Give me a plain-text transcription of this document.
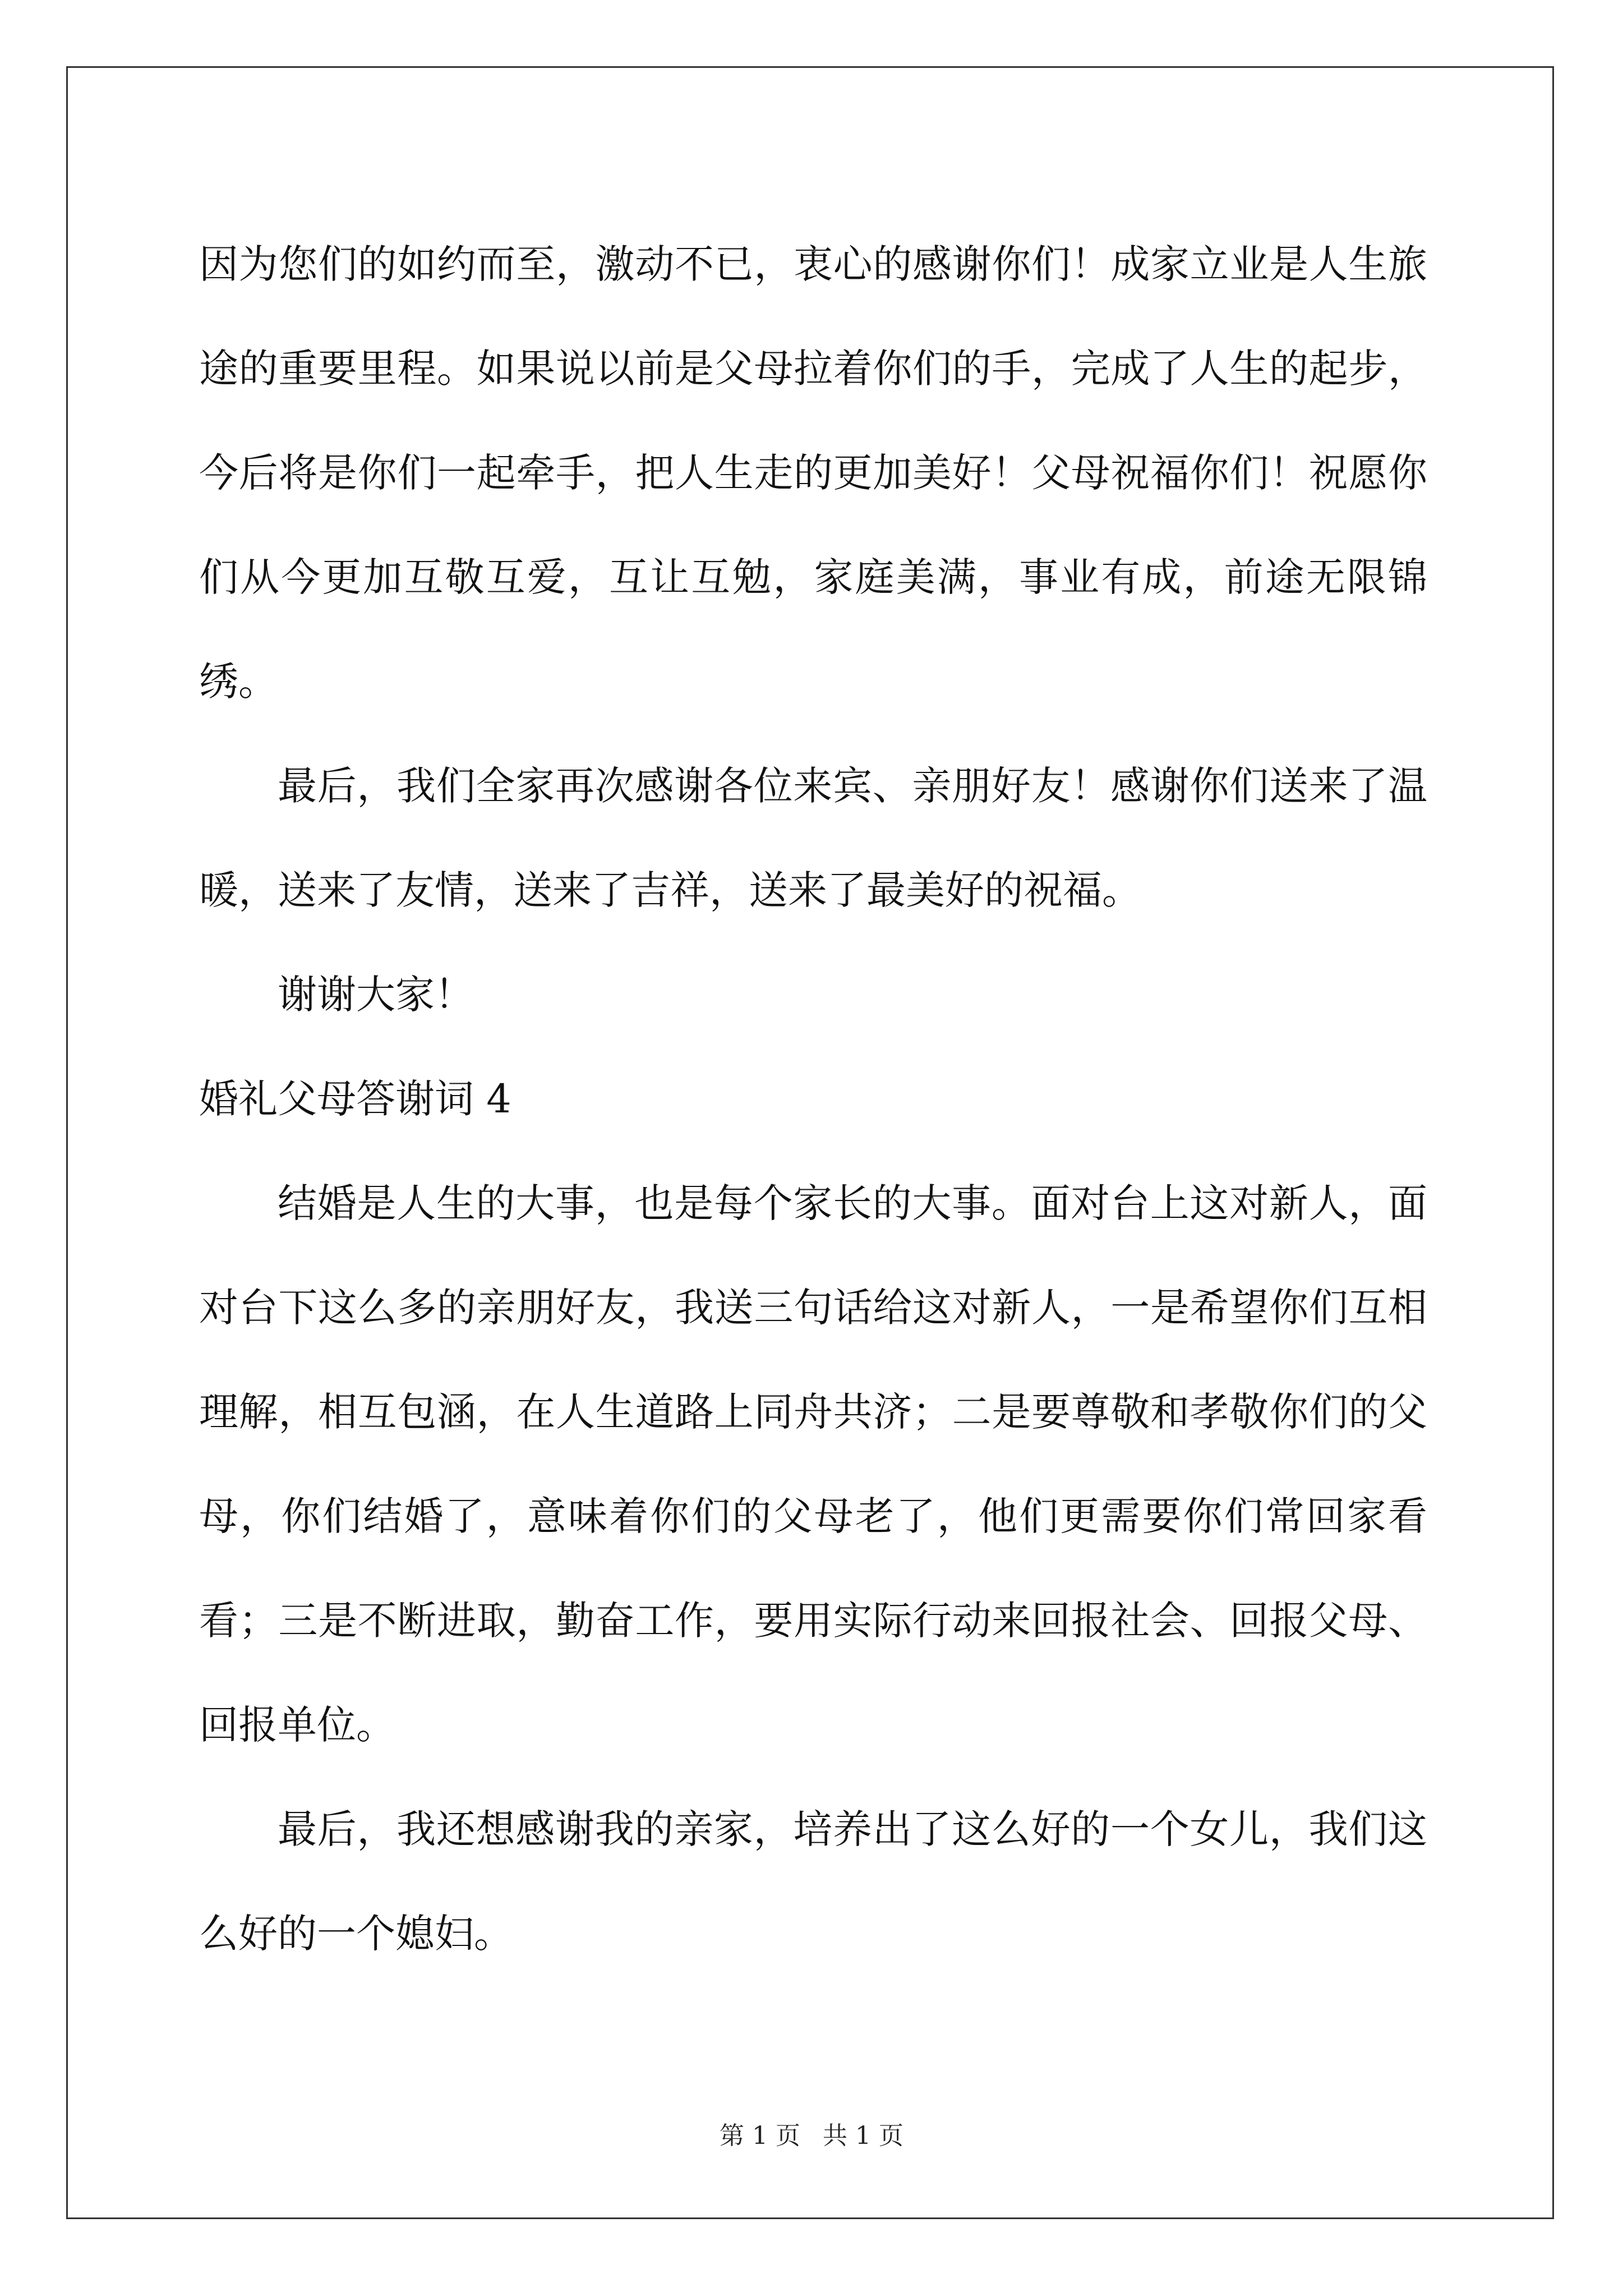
因为您们的如约而至，激动不已，衷心的感谢你们！成家立业是人生旅途的重要里程。如果说以前是父母拉着你们的手，完成了人生的起步，今后将是你们一起牵手，把人生走的更加美好！父母祝福你们！祝愿你们从今更加互敬互爱，互让互勉，家庭美满，事业有成，前途无限锦绣。

最后，我们全家再次感谢各位来宾、亲朋好友！感谢你们送来了温暖，送来了友情，送来了吉祥，送来了最美好的祝福。

谢谢大家！

婚礼父母答谢词 4

结婚是人生的大事，也是每个家长的大事。面对台上这对新人，面对台下这么多的亲朋好友，我送三句话给这对新人，一是希望你们互相理解，相互包涵，在人生道路上同舟共济；二是要尊敬和孝敬你们的父母，你们结婚了，意味着你们的父母老了，他们更需要你们常回家看看；三是不断进取，勤奋工作，要用实际行动来回报社会、回报父母、回报单位。

最后，我还想感谢我的亲家，培养出了这么好的一个女儿，我们这么好的一个媳妇。

第 1 页 共 1 页
